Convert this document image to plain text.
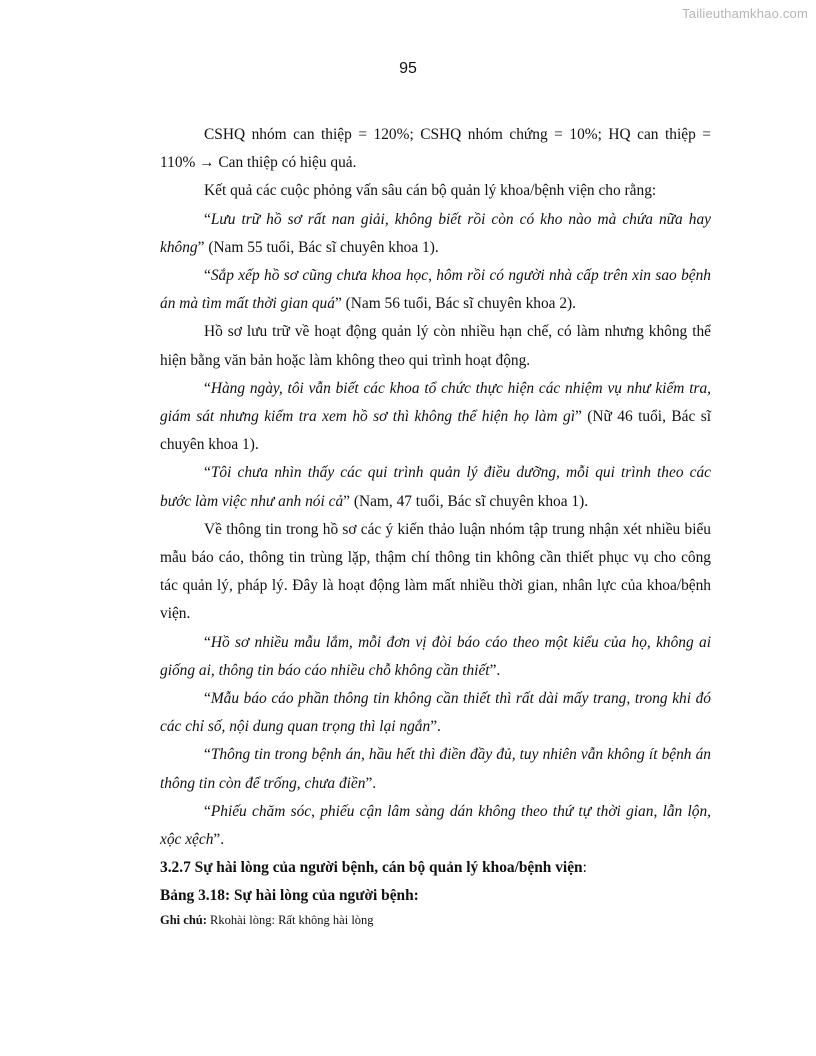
Tailieuthamkhao.com
95

CSHQ nhóm can thiệp = 120%; CSHQ nhóm chứng = 10%; HQ can thiệp = 110% → Can thiệp có hiệu quả.

Kết quả các cuộc phỏng vấn sâu cán bộ quản lý khoa/bệnh viện cho rằng:

“Lưu trữ hồ sơ rất nan giải, không biết rồi còn có kho nào mà chứa nữa hay không” (Nam 55 tuổi, Bác sĩ chuyên khoa 1).

“Sắp xếp hồ sơ cũng chưa khoa học, hôm rồi có người nhà cấp trên xin sao bệnh án mà tìm mất thời gian quá” (Nam 56 tuổi, Bác sĩ chuyên khoa 2).

Hồ sơ lưu trữ về hoạt động quản lý còn nhiều hạn chế, có làm nhưng không thể hiện bằng văn bản hoặc làm không theo qui trình hoạt động.

“Hàng ngày, tôi vẫn biết các khoa tổ chức thực hiện các nhiệm vụ như kiểm tra, giám sát nhưng kiểm tra xem hồ sơ thì không thể hiện họ làm gì” (Nữ 46 tuổi, Bác sĩ chuyên khoa 1).

“Tôi chưa nhìn thấy các qui trình quản lý điều dưỡng, mỗi qui trình theo các bước làm việc như anh nói cả” (Nam, 47 tuổi, Bác sĩ chuyên khoa 1).

Về thông tin trong hồ sơ các ý kiến thảo luận nhóm tập trung nhận xét nhiều biểu mẫu báo cáo, thông tin trùng lặp, thậm chí thông tin không cần thiết phục vụ cho công tác quản lý, pháp lý. Đây là hoạt động làm mất nhiều thời gian, nhân lực của khoa/bệnh viện.

“Hồ sơ nhiều mẫu lắm, mỗi đơn vị đòi báo cáo theo một kiểu của họ, không ai giống ai, thông tin báo cáo nhiều chỗ không cần thiết”.

“Mẫu báo cáo phần thông tin không cần thiết thì rất dài mấy trang, trong khi đó các chỉ số, nội dung quan trọng thì lại ngắn”.

“Thông tin trong bệnh án, hầu hết thì điền đầy đủ, tuy nhiên vẫn không ít bệnh án thông tin còn để trống, chưa điền”.

“Phiếu chăm sóc, phiếu cận lâm sàng dán không theo thứ tự thời gian, lẫn lộn, xộc xệch”.

3.2.7 Sự hài lòng của người bệnh, cán bộ quản lý khoa/bệnh viện:

Bảng 3.18: Sự hài lòng của người bệnh:

Ghi chú: Rkohài lòng: Rất không hài lòng
